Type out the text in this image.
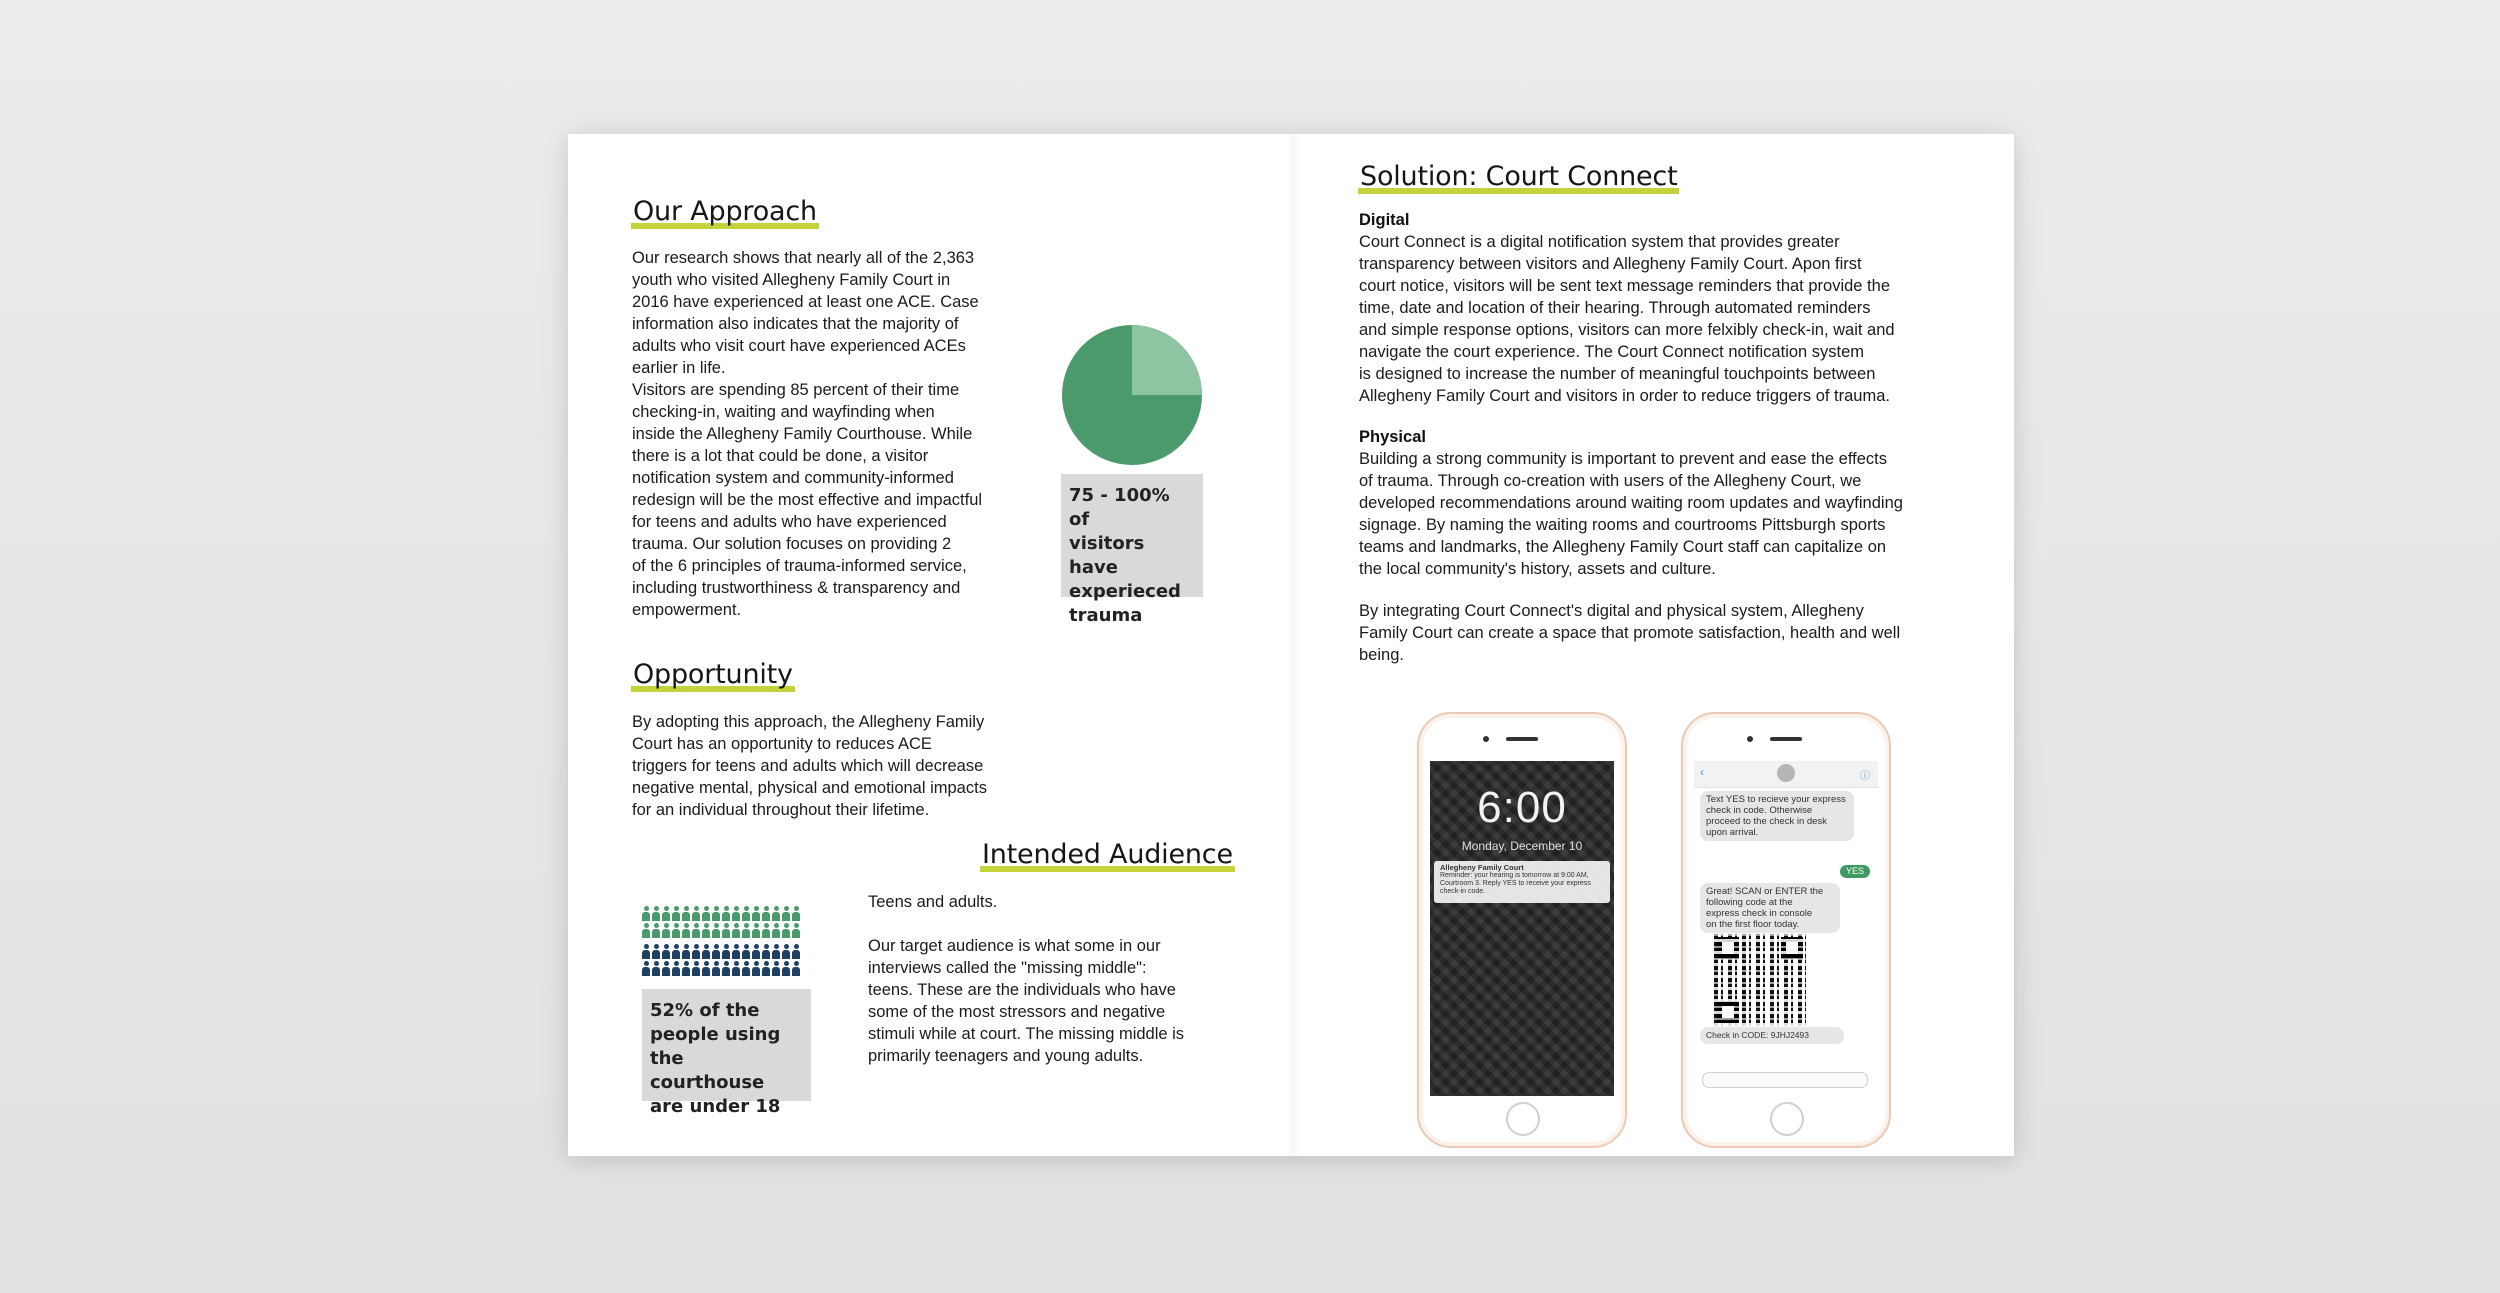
Our Approach
Our research shows that nearly all of the 2,363
youth who visited Allegheny Family Court in
2016 have experienced at least one ACE. Case
information also indicates that the majority of
adults who visit court have experienced ACEs
earlier in life.
Visitors are spending 85 percent of their time
checking-in, waiting and wayfinding when
inside the Allegheny Family Courthouse. While
there is a lot that could be done, a visitor
notification system and community-informed
redesign will be the most effective and impactful
for teens and adults who have experienced
trauma. Our solution focuses on providing 2
of the 6 principles of trauma-informed service,
including trustworthiness & transparency and
empowerment.
75 - 100% of
visitors have
experieced
trauma
Opportunity
By adopting this approach, the Allegheny Family
Court has an opportunity to reduces ACE
triggers for teens and adults which will decrease
negative mental, physical and emotional impacts
for an individual throughout their lifetime.
Intended Audience
52% of the
people using
the courthouse
are under 18
Teens and adults.

Our target audience is what some in our
interviews called the "missing middle":
teens. These are the individuals who have
some of the most stressors and negative
stimuli while at court. The missing middle is
primarily teenagers and young adults.
Solution: Court Connect
Digital
Court Connect is a digital notification system that provides greater
transparency between visitors and Allegheny Family Court. Apon first
court notice, visitors will be sent text message reminders that provide the
time, date and location of their hearing. Through automated reminders
and simple response options, visitors can more felxibly check-in, wait and
navigate the court experience. The Court Connect notification system
is designed to increase the number of meaningful touchpoints between
Allegheny Family Court and visitors in order to reduce triggers of trauma.
Physical
Building a strong community is important to prevent and ease the effects
of trauma. Through co-creation with users of the Allegheny Court, we
developed recommendations around waiting room updates and wayfinding
signage. By naming the waiting rooms and courtrooms Pittsburgh sports
teams and landmarks, the Allegheny Family Court staff can capitalize on
the local community's history, assets and culture.
By integrating Court Connect's digital and physical system, Allegheny
Family Court can create a space that promote satisfaction, health and well
being.
6:00
Monday, December 10
Allegheny Family Court
Reminder: your hearing is tomorrow at 9:00 AM, Courtroom 3. Reply YES to receive your express check-in code.
‹	ⓘ
Text YES to recieve your express
check in code. Otherwise
proceed to the check in desk
upon arrival.
YES
Great! SCAN or ENTER the
following code at the
express check in console
on the first floor today.
Check in CODE: 9JHJ2493
